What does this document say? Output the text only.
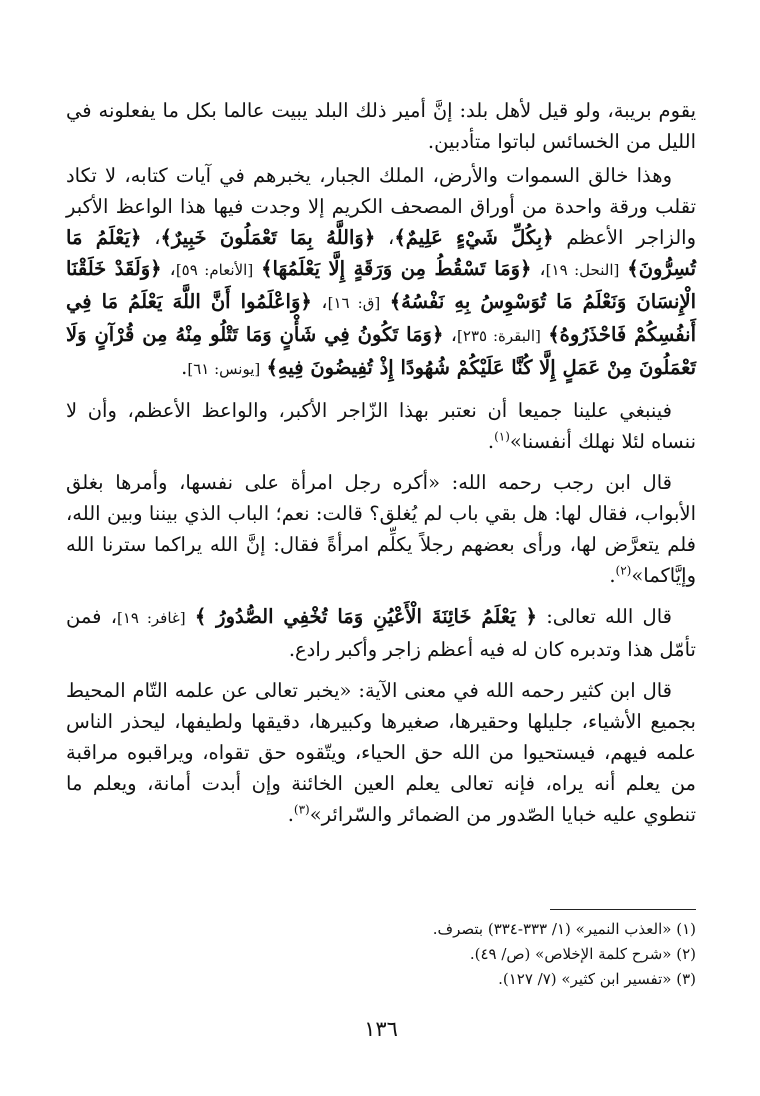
يقوم بريبة، ولو قيل لأهل بلد: إنَّ أمير ذلك البلد يبيت عالما بكل ما يفعلونه في الليل من الخسائس لباتوا متأدبين.

وهذا خالق السموات والأرض، الملك الجبار، يخبرهم في آيات كتابه، لا تكاد تقلب ورقة واحدة من أوراق المصحف الكريم إلا وجدت فيها هذا الواعظ الأكبر والزاجر الأعظم ﴿بِكُلِّ شَيْءٍ عَلِيمٌ﴾، ﴿وَاللَّهُ بِمَا تَعْمَلُونَ خَبِيرٌ﴾، ﴿يَعْلَمُ مَا تُسِرُّونَ﴾ [النحل: ١٩]، ﴿وَمَا تَسْقُطُ مِن وَرَقَةٍ إِلَّا يَعْلَمُهَا﴾ [الأنعام: ٥٩]، ﴿وَلَقَدْ خَلَقْنَا الْإِنسَانَ وَنَعْلَمُ مَا تُوَسْوِسُ بِهِ نَفْسُهُ﴾ [ق: ١٦]، ﴿وَاعْلَمُوا أَنَّ اللَّهَ يَعْلَمُ مَا فِي أَنفُسِكُمْ فَاحْذَرُوهُ﴾ [البقرة: ٢٣٥]، ﴿وَمَا تَكُونُ فِي شَأْنٍ وَمَا تَتْلُو مِنْهُ مِن قُرْآنٍ وَلَا تَعْمَلُونَ مِنْ عَمَلٍ إِلَّا كُنَّا عَلَيْكُمْ شُهُودًا إِذْ تُفِيضُونَ فِيهِ﴾ [يونس: ٦١].

فينبغي علينا جميعا أن نعتبر بهذا الزّاجر الأكبر، والواعظ الأعظم، وأن لا ننساه لئلا نهلك أنفسنا»$^{(١)}$.

قال ابن رجب رحمه الله: «أكره رجل امرأة على نفسها، وأمرها بغلق الأبواب، فقال لها: هل بقي باب لم يُغلق؟ قالت: نعم؛ الباب الذي بيننا وبين الله، فلم يتعرَّض لها، ورأى بعضهم رجلاً يكلِّم امرأةً فقال: إنَّ الله يراكما سترنا الله وإيَّاكما»$^{(٢)}$.

قال الله تعالى: ﴿ يَعْلَمُ خَائِنَةَ الْأَعْيُنِ وَمَا تُخْفِي الصُّدُورُ ﴾ [غافر: ١٩]، فمن تأمّل هذا وتدبره كان له فيه أعظم زاجر وأكبر رادع.

قال ابن كثير رحمه الله في معنى الآية: «يخبر تعالى عن علمه التّام المحيط بجميع الأشياء، جليلها وحقيرها، صغيرها وكبيرها، دقيقها ولطيفها، ليحذر الناس علمه فيهم، فيستحيوا من الله حق الحياء، ويتّقوه حق تقواه، ويراقبوه مراقبة من يعلم أنه يراه، فإنه تعالى يعلم العين الخائنة وإن أبدت أمانة، ويعلم ما تنطوي عليه خبايا الصّدور من الضمائر والسّرائر»$^{(٣)}$.

(١) «العذب النمير» (١/ ٣٣٣-٣٣٤) بتصرف.

(٢) «شرح كلمة الإخلاص» (ص/ ٤٩).

(٣) «تفسير ابن كثير» (٧/ ١٢٧).

١٣٦
